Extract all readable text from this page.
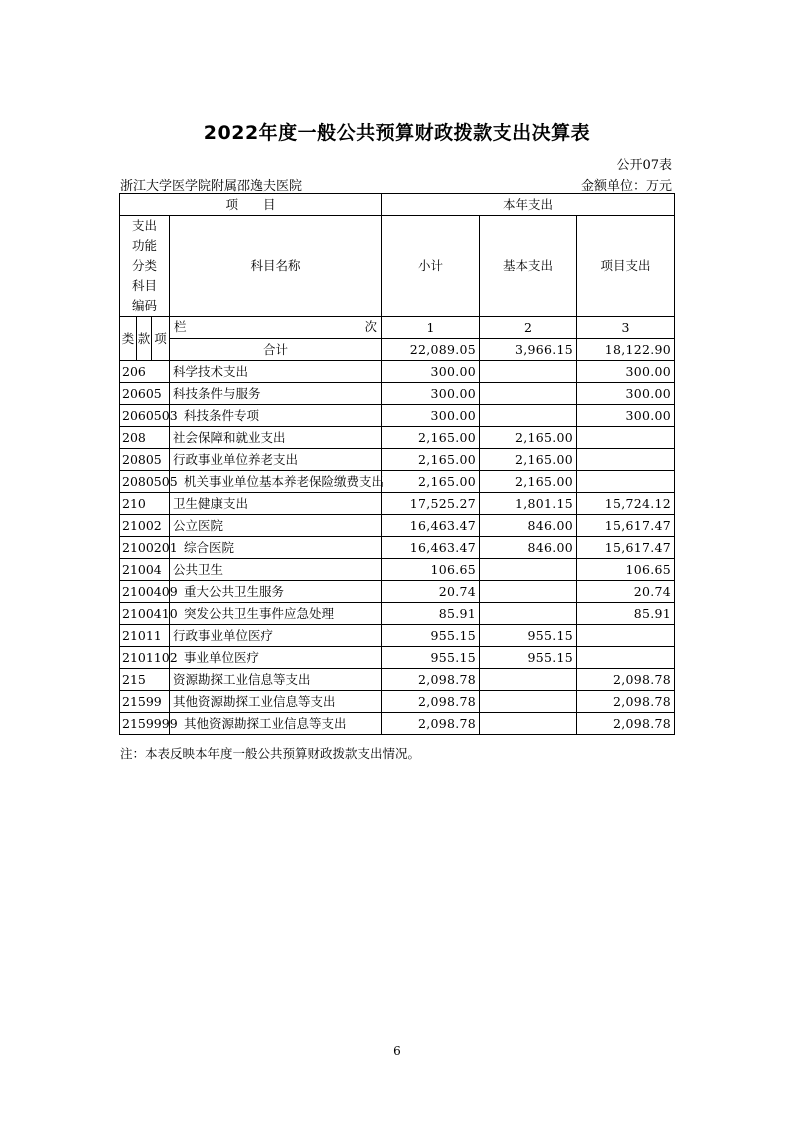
2022年度一般公共预算财政拨款支出决算表
公开07表
浙江大学医学院附属邵逸夫医院	金额单位：万元
项　　目				本年支出		
支出功能分类科目编码			科目名称	小计	基本支出	项目支出
类	款	项	栏 次	1	2	3
			合计	22,089.05	3,966.15	18,122.90
206			科学技术支出	300.00		300.00
20605			科技条件与服务	300.00		300.00
2060503			科技条件专项	300.00		300.00
208			社会保障和就业支出	2,165.00	2,165.00	
20805			行政事业单位养老支出	2,165.00	2,165.00	
2080505			机关事业单位基本养老保险缴费支出	2,165.00	2,165.00	
210			卫生健康支出	17,525.27	1,801.15	15,724.12
21002			公立医院	16,463.47	846.00	15,617.47
2100201			综合医院	16,463.47	846.00	15,617.47
21004			公共卫生	106.65		106.65
2100409			重大公共卫生服务	20.74		20.74
2100410			突发公共卫生事件应急处理	85.91		85.91
21011			行政事业单位医疗	955.15	955.15	
2101102			事业单位医疗	955.15	955.15	
215			资源勘探工业信息等支出	2,098.78		2,098.78
21599			其他资源勘探工业信息等支出	2,098.78		2,098.78
2159999			其他资源勘探工业信息等支出	2,098.78		2,098.78
注：本表反映本年度一般公共预算财政拨款支出情况。
6
